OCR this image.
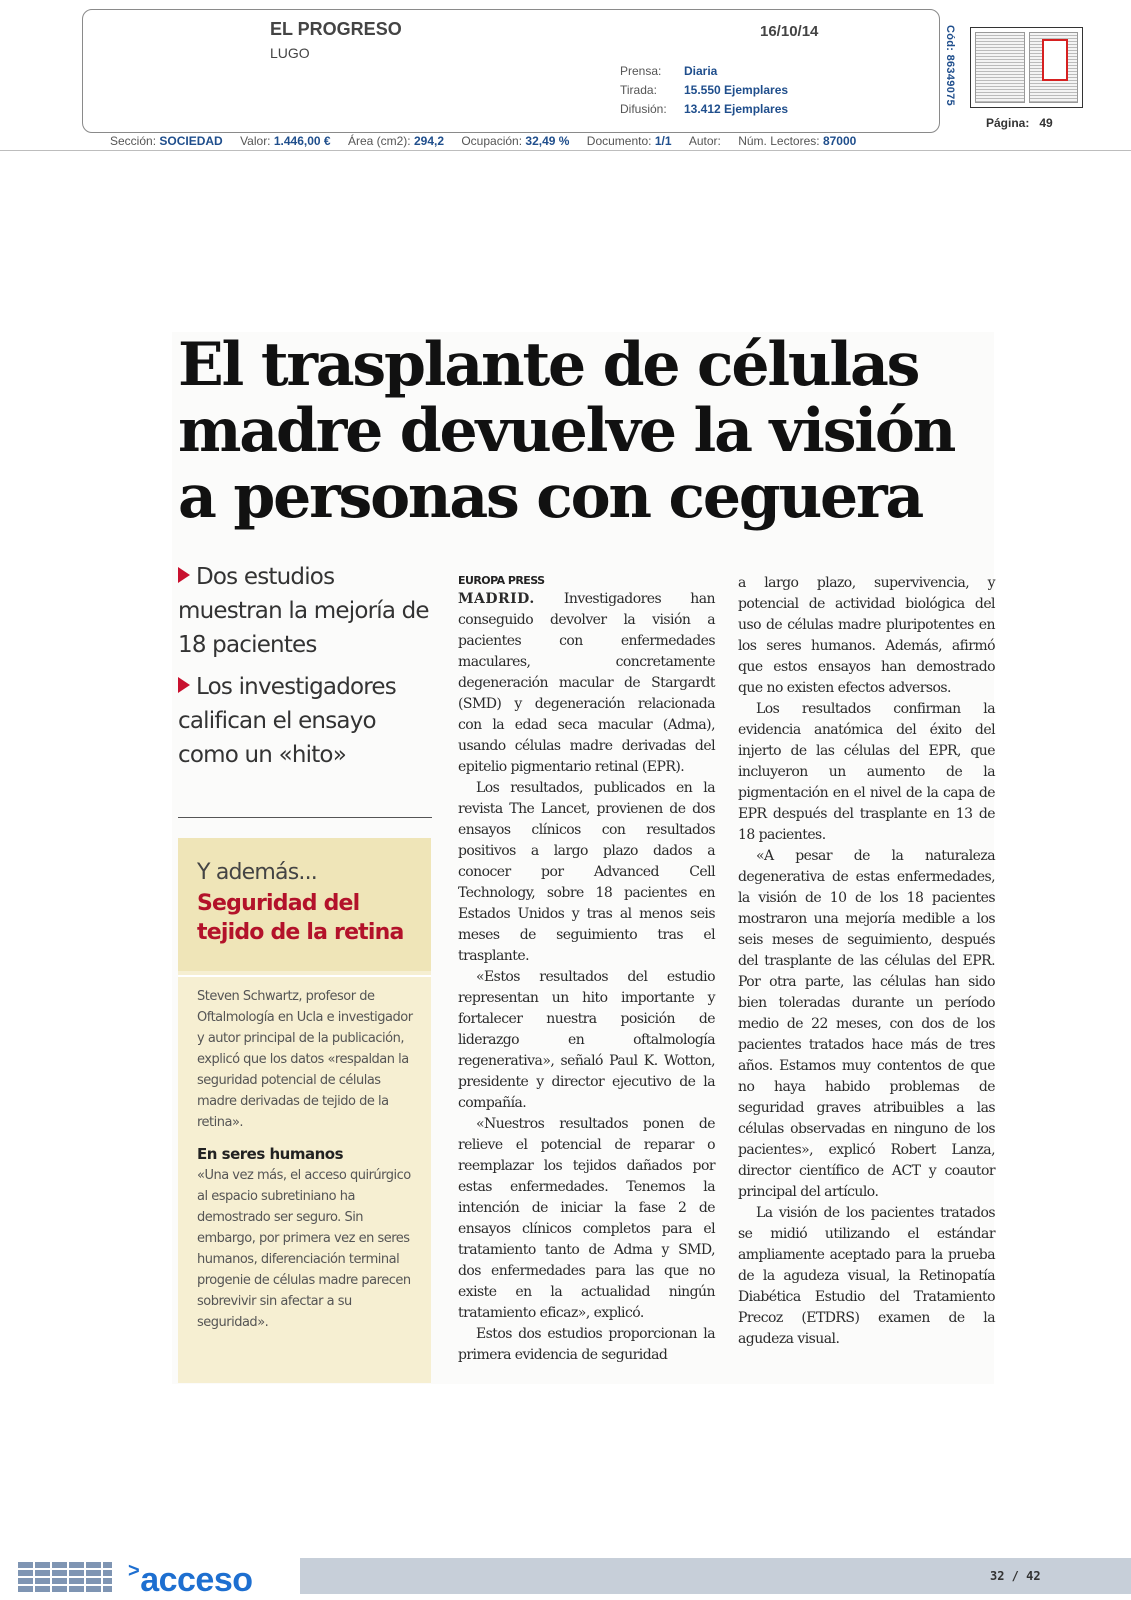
EL PROGRESO
LUGO
16/10/14
Prensa:	Diaria
Tirada:	15.550 Ejemplares
Difusión:	13.412 Ejemplares
Cód: 86349075
Página: 49
Sección: SOCIEDAD Valor: 1.446,00 € Área (cm2): 294,2 Ocupación: 32,49 % Documento: 1/1 Autor: Núm. Lectores: 87000
El trasplante de células
madre devuelve la visión
a personas con ceguera
Dos estudios muestran la mejoría de 18 pacientes
Los investigadores califican el ensayo como un «hito»
Y además...
Seguridad del tejido de la retina

Steven Schwartz, profesor de Oftalmología en Ucla e investigador y autor principal de la publicación, explicó que los datos «respaldan la seguridad potencial de células madre derivadas de tejido de la retina».

En seres humanos

«Una vez más, el acceso quirúrgico al espacio subretiniano ha demostrado ser seguro. Sin embargo, por primera vez en seres humanos, diferenciación terminal progenie de células madre parecen sobrevivir sin afectar a su seguridad».

EUROPA PRESS

MADRID. Investigadores han conseguido devolver la visión a pacientes con enfermedades maculares, concretamente degeneración macular de Stargardt (SMD) y degeneración relacionada con la edad seca macular (Adma), usando células madre derivadas del epitelio pigmentario retinal (EPR).

Los resultados, publicados en la revista The Lancet, provienen de dos ensayos clínicos con resultados positivos a largo plazo dados a conocer por Advanced Cell Technology, sobre 18 pacientes en Estados Unidos y tras al menos seis meses de seguimiento tras el trasplante.

«Estos resultados del estudio representan un hito importante y fortalecer nuestra posición de liderazgo en oftalmología regenerativa», señaló Paul K. Wotton, presidente y director ejecutivo de la compañía.

«Nuestros resultados ponen de relieve el potencial de reparar o reemplazar los tejidos dañados por estas enfermedades. Tenemos la intención de iniciar la fase 2 de ensayos clínicos completos para el tratamiento tanto de Adma y SMD, dos enfermedades para las que no existe en la actualidad ningún tratamiento eficaz», explicó.

Estos dos estudios proporcionan la primera evidencia de seguridad

a largo plazo, supervivencia, y potencial de actividad biológica del uso de células madre pluripotentes en los seres humanos. Además, afirmó que estos ensayos han demostrado que no existen efectos adversos.

Los resultados confirman la evidencia anatómica del éxito del injerto de las células del EPR, que incluyeron un aumento de la pigmentación en el nivel de la capa de EPR después del trasplante en 13 de 18 pacientes.

«A pesar de la naturaleza degenerativa de estas enfermedades, la visión de 10 de los 18 pacientes mostraron una mejoría medible a los seis meses de seguimiento, después del trasplante de las células del EPR. Por otra parte, las células han sido bien toleradas durante un período medio de 22 meses, con dos de los pacientes tratados hace más de tres años. Estamos muy contentos de que no haya habido problemas de seguridad graves atribuibles a las células observadas en ninguno de los pacientes», explicó Robert Lanza, director científico de ACT y coautor principal del artículo.

La visión de los pacientes tratados se midió utilizando el estándar ampliamente aceptado para la prueba de la agudeza visual, la Retinopatía Diabética Estudio del Tratamiento Precoz (ETDRS) examen de la agudeza visual.

>acceso	32 / 42
